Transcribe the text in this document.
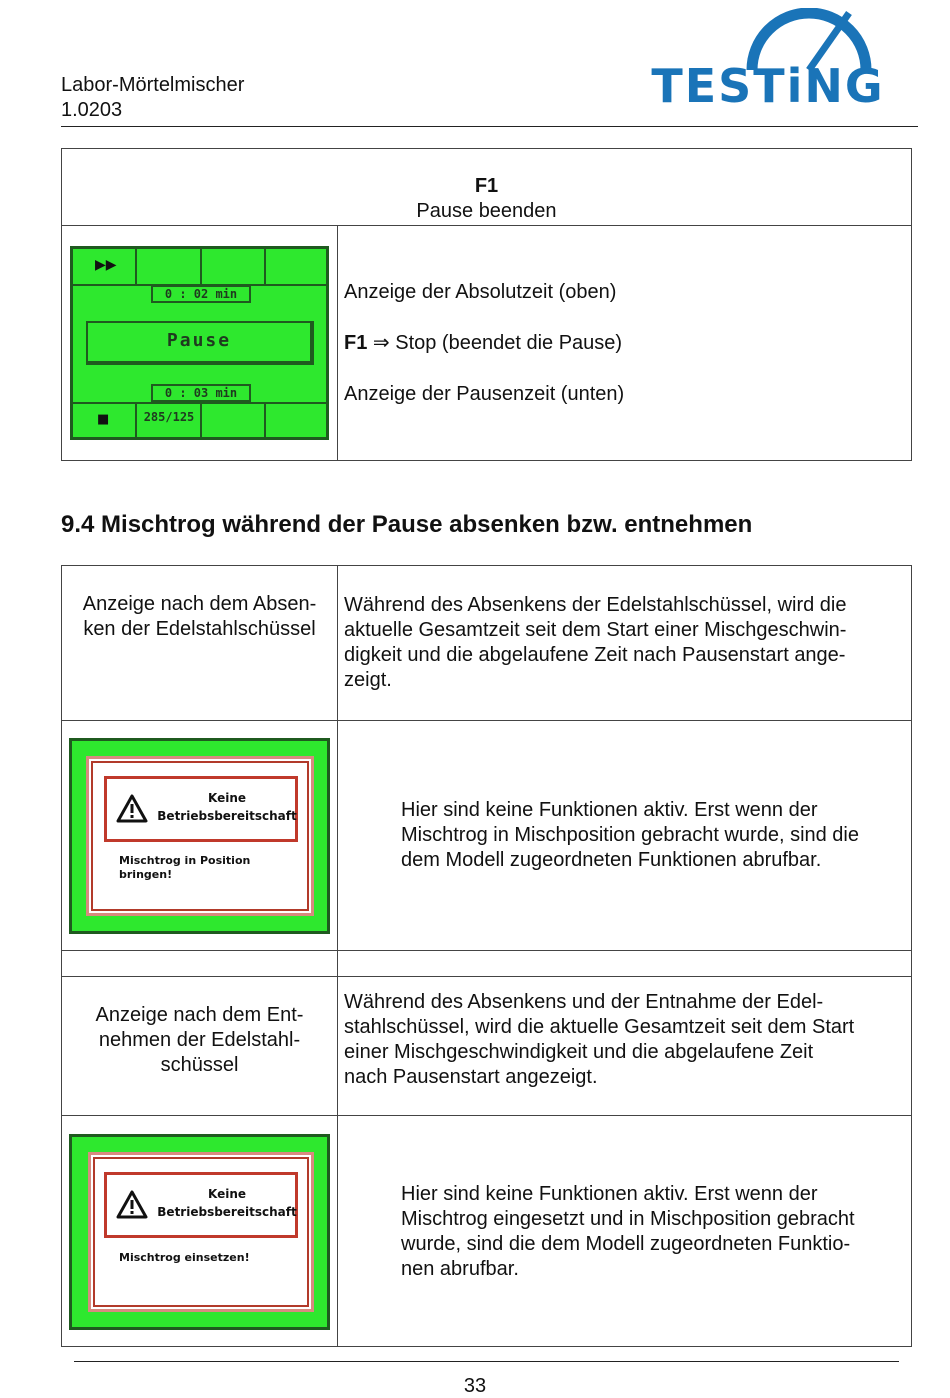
Labor-Mörtelmischer
1.0203	TESTiNG
F1
Pause beenden
▶▶
0 : 02 min
Pause
0 : 03 min
■	285/125
Anzeige der Absolutzeit (oben)
F1 ⇒ Stop (beendet die Pause)
Anzeige der Pausenzeit (unten)
9.4 Mischtrog während der Pause absenken bzw. entnehmen
Anzeige nach dem Absen-
ken der Edelstahlschüssel
Während des Absenkens der Edelstahlschüssel, wird die
aktuelle Gesamtzeit seit dem Start einer Mischgeschwin-
digkeit und die abgelaufene Zeit nach Pausenstart ange-
zeigt.
Keine
Betriebsbereitschaft
Mischtrog in Position
bringen!
Hier sind keine Funktionen aktiv. Erst wenn der
Mischtrog in Mischposition gebracht wurde, sind die
dem Modell zugeordneten Funktionen abrufbar.
Anzeige nach dem Ent-
nehmen der Edelstahl-
schüssel
Während des Absenkens und der Entnahme der Edel-
stahlschüssel, wird die aktuelle Gesamtzeit seit dem Start
einer Mischgeschwindigkeit und die abgelaufene Zeit
nach Pausenstart angezeigt.
Keine
Betriebsbereitschaft
Mischtrog einsetzen!
Hier sind keine Funktionen aktiv. Erst wenn der
Mischtrog eingesetzt und in Mischposition gebracht
wurde, sind die dem Modell zugeordneten Funktio-
nen abrufbar.
33
